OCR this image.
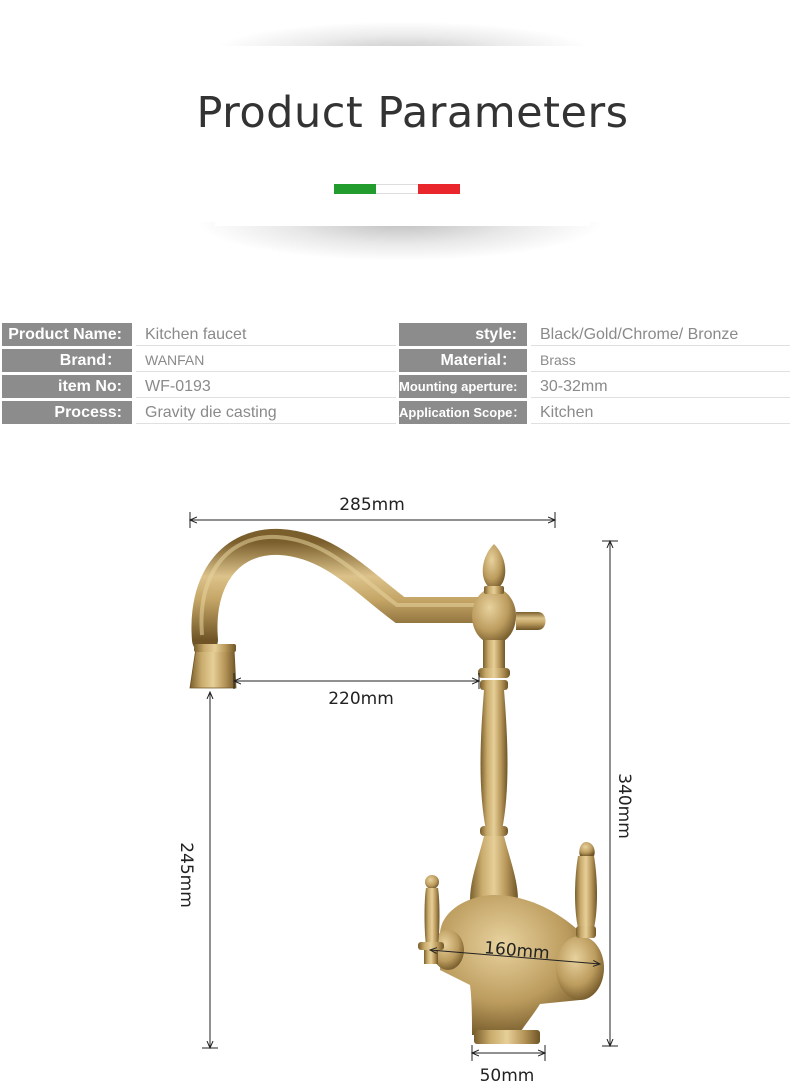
Product Parameters
Product Name:	Kitchen faucet	style:	Black/Gold/Chrome/ Bronze
Brand：	WANFAN	Material：	Brass
item No:	WF-0193	Mounting aperture:	30-32mm
Process:	Gravity die casting	Application Scope： Kitchen
285mm
220mm
245mm
340mm
160mm
50mm
